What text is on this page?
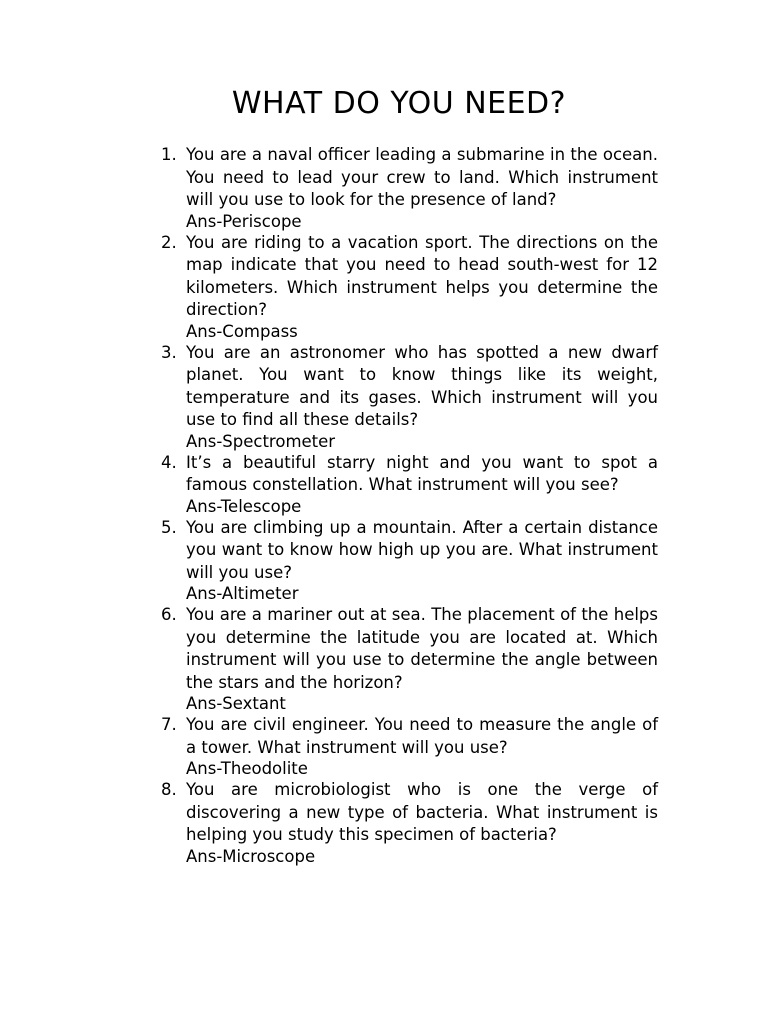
WHAT DO YOU NEED?
1. You are a naval officer leading a submarine in the ocean. You need to lead your crew to land. Which instrument will you use to look for the presence of land?
Ans-Periscope
2. You are riding to a vacation sport. The directions on the map indicate that you need to head south-west for 12 kilometers. Which instrument helps you determine the direction?
Ans-Compass
3. You are an astronomer who has spotted a new dwarf planet. You want to know things like its weight, temperature and its gases. Which instrument will you use to find all these details?
Ans-Spectrometer
4. It’s a beautiful starry night and you want to spot a famous constellation. What instrument will you see?
Ans-Telescope
5. You are climbing up a mountain. After a certain distance you want to know how high up you are. What instrument will you use?
Ans-Altimeter
6. You are a mariner out at sea. The placement of the helps you determine the latitude you are located at. Which instrument will you use to determine the angle between the stars and the horizon?
Ans-Sextant
7. You are civil engineer. You need to measure the angle of a tower. What instrument will you use?
Ans-Theodolite
8. You are microbiologist who is one the verge of discovering a new type of bacteria. What instrument is helping you study this specimen of bacteria?
Ans-Microscope
